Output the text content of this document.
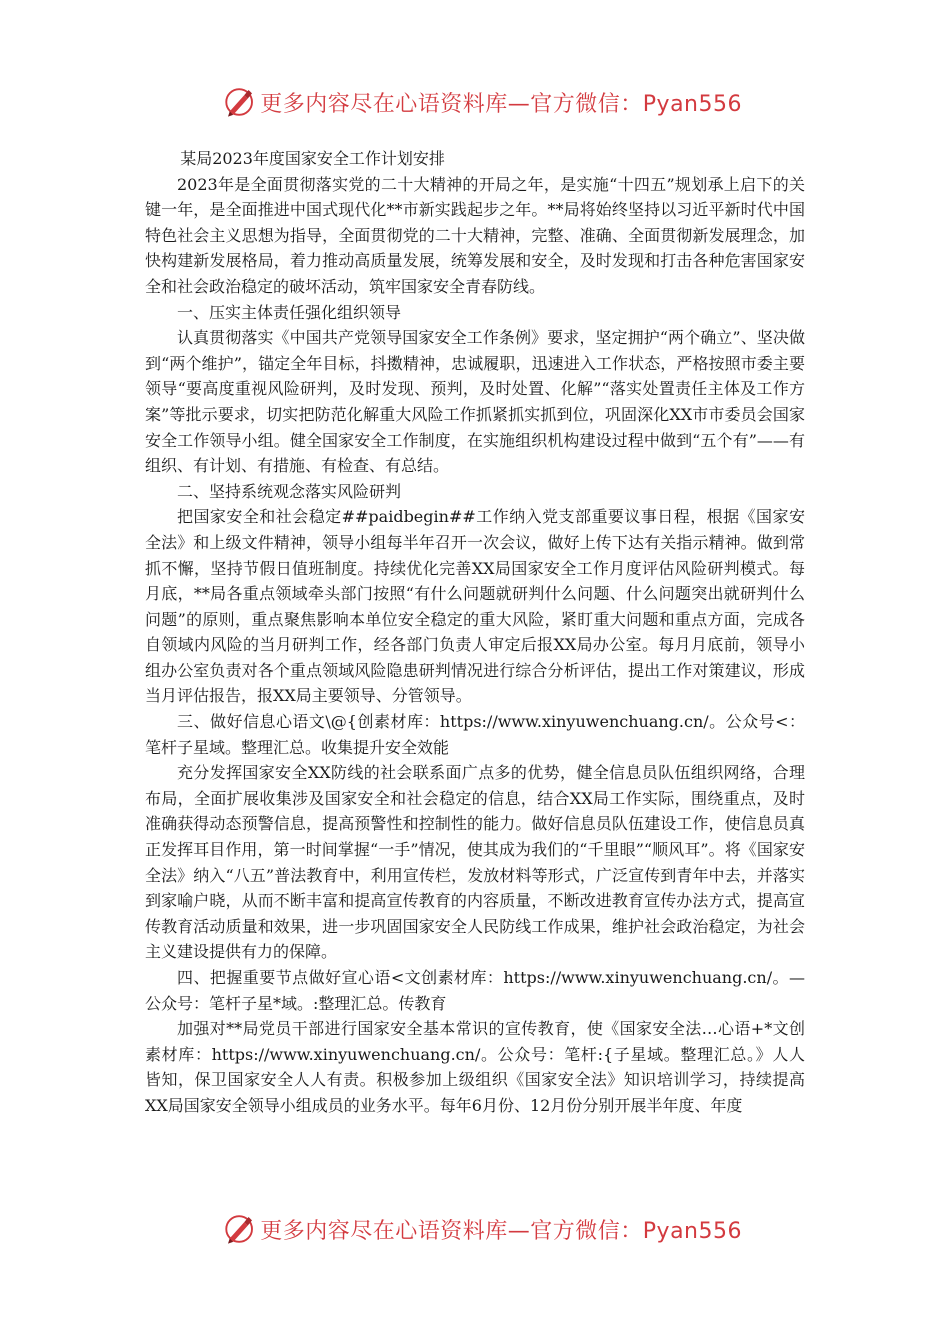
更多内容尽在心语资料库—官方微信：Pyan556

某局2023年度国家安全工作计划安排

2023年是全面贯彻落实党的二十大精神的开局之年，是实施“十四五”规划承上启下的关键一年，是全面推进中国式现代化**市新实践起步之年。**局将始终坚持以习近平新时代中国特色社会主义思想为指导，全面贯彻党的二十大精神，完整、准确、全面贯彻新发展理念，加快构建新发展格局，着力推动高质量发展，统筹发展和安全，及时发现和打击各种危害国家安全和社会政治稳定的破坏活动，筑牢国家安全青春防线。

一、压实主体责任强化组织领导

认真贯彻落实《中国共产党领导国家安全工作条例》要求，坚定拥护“两个确立”、坚决做到“两个维护”，锚定全年目标，抖擞精神，忠诚履职，迅速进入工作状态，严格按照市委主要领导“要高度重视风险研判，及时发现、预判，及时处置、化解”“落实处置责任主体及工作方案”等批示要求，切实把防范化解重大风险工作抓紧抓实抓到位，巩固深化XX市市委员会国家安全工作领导小组。健全国家安全工作制度，在实施组织机构建设过程中做到“五个有”——有组织、有计划、有措施、有检查、有总结。

二、坚持系统观念落实风险研判

把国家安全和社会稳定##paidbegin##工作纳入党支部重要议事日程，根据《国家安全法》和上级文件精神，领导小组每半年召开一次会议，做好上传下达有关指示精神。做到常抓不懈，坚持节假日值班制度。持续优化完善XX局国家安全工作月度评估风险研判模式。每月底，**局各重点领域牵头部门按照“有什么问题就研判什么问题、什么问题突出就研判什么问题”的原则，重点聚焦影响本单位安全稳定的重大风险，紧盯重大问题和重点方面，完成各自领域内风险的当月研判工作，经各部门负责人审定后报XX局办公室。每月月底前，领导小组办公室负责对各个重点领域风险隐患研判情况进行综合分析评估，提出工作对策建议，形成当月评估报告，报XX局主要领导、分管领导。

三、做好信息心语文\@{创素材库：https://www.xinyuwenchuang.cn/。公众号<：笔杆子星域。整理汇总。收集提升安全效能

充分发挥国家安全XX防线的社会联系面广点多的优势，健全信息员队伍组织网络，合理布局，全面扩展收集涉及国家安全和社会稳定的信息，结合XX局工作实际，围绕重点，及时准确获得动态预警信息，提高预警性和控制性的能力。做好信息员队伍建设工作，使信息员真正发挥耳目作用，第一时间掌握“一手”情况，使其成为我们的“千里眼”“顺风耳”。将《国家安全法》纳入“八五”普法教育中，利用宣传栏，发放材料等形式，广泛宣传到青年中去，并落实到家喻户晓，从而不断丰富和提高宣传教育的内容质量，不断改进教育宣传办法方式，提高宣传教育活动质量和效果，进一步巩固国家安全人民防线工作成果，维护社会政治稳定，为社会主义建设提供有力的保障。

四、把握重要节点做好宣心语<文创素材库：https://www.xinyuwenchuang.cn/。—公众号：笔杆子星*域。:整理汇总。传教育

加强对**局党员干部进行国家安全基本常识的宣传教育，使《国家安全法…心语+*文创素材库：https://www.xinyuwenchuang.cn/。公众号：笔杆:{子星域。整理汇总。》人人皆知，保卫国家安全人人有责。积极参加上级组织《国家安全法》知识培训学习，持续提高XX局国家安全领导小组成员的业务水平。每年6月份、12月份分别开展半年度、年度

更多内容尽在心语资料库—官方微信：Pyan556
